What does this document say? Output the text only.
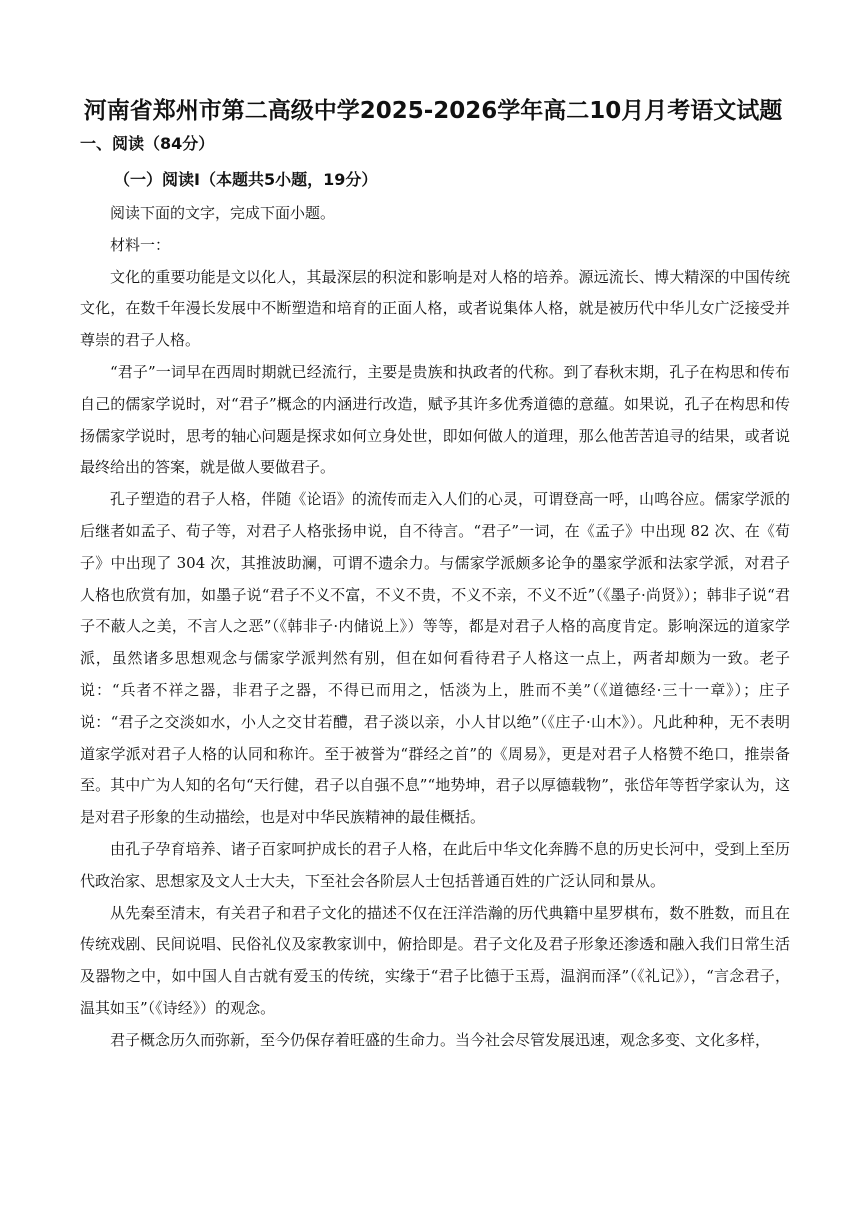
河南省郑州市第二高级中学2025-2026学年高二10月月考语文试题
一、阅读（84分）
（一）阅读Ⅰ（本题共5小题，19分）

阅读下面的文字，完成下面小题。

材料一：

文化的重要功能是文以化人，其最深层的积淀和影响是对人格的培养。源远流长、博大精深的中国传统文化，在数千年漫长发展中不断塑造和培育的正面人格，或者说集体人格，就是被历代中华儿女广泛接受并尊崇的君子人格。

“君子”一词早在西周时期就已经流行，主要是贵族和执政者的代称。到了春秋末期，孔子在构思和传布自己的儒家学说时，对“君子”概念的内涵进行改造，赋予其许多优秀道德的意蕴。如果说，孔子在构思和传扬儒家学说时，思考的轴心问题是探求如何立身处世，即如何做人的道理，那么他苦苦追寻的结果，或者说最终给出的答案，就是做人要做君子。

孔子塑造的君子人格，伴随《论语》的流传而走入人们的心灵，可谓登高一呼，山鸣谷应。儒家学派的后继者如孟子、荀子等，对君子人格张扬申说，自不待言。“君子”一词，在《孟子》中出现 82 次、在《荀子》中出现了 304 次，其推波助澜，可谓不遗余力。与儒家学派颇多论争的墨家学派和法家学派，对君子人格也欣赏有加，如墨子说“君子不义不富，不义不贵，不义不亲，不义不近”（《墨子·尚贤》）；韩非子说“君子不蔽人之美，不言人之恶”（《韩非子·内储说上》）等等，都是对君子人格的高度肯定。影响深远的道家学派，虽然诸多思想观念与儒家学派判然有别，但在如何看待君子人格这一点上，两者却颇为一致。老子说：“兵者不祥之器，非君子之器，不得已而用之，恬淡为上，胜而不美”（《道德经·三十一章》）；庄子说：“君子之交淡如水，小人之交甘若醴，君子淡以亲，小人甘以绝”（《庄子·山木》）。凡此种种，无不表明道家学派对君子人格的认同和称许。至于被誉为“群经之首”的《周易》，更是对君子人格赞不绝口，推崇备至。其中广为人知的名句“天行健，君子以自强不息”“地势坤，君子以厚德载物”，张岱年等哲学家认为，这是对君子形象的生动描绘，也是对中华民族精神的最佳概括。

由孔子孕育培养、诸子百家呵护成长的君子人格，在此后中华文化奔腾不息的历史长河中，受到上至历代政治家、思想家及文人士大夫，下至社会各阶层人士包括普通百姓的广泛认同和景从。

从先秦至清末，有关君子和君子文化的描述不仅在汪洋浩瀚的历代典籍中星罗棋布，数不胜数，而且在传统戏剧、民间说唱、民俗礼仪及家教家训中，俯拾即是。君子文化及君子形象还渗透和融入我们日常生活及器物之中，如中国人自古就有爱玉的传统，实缘于“君子比德于玉焉，温润而泽”（《礼记》），“言念君子，温其如玉”（《诗经》）的观念。

君子概念历久而弥新，至今仍保存着旺盛的生命力。当今社会尽管发展迅速，观念多变、文化多样，
